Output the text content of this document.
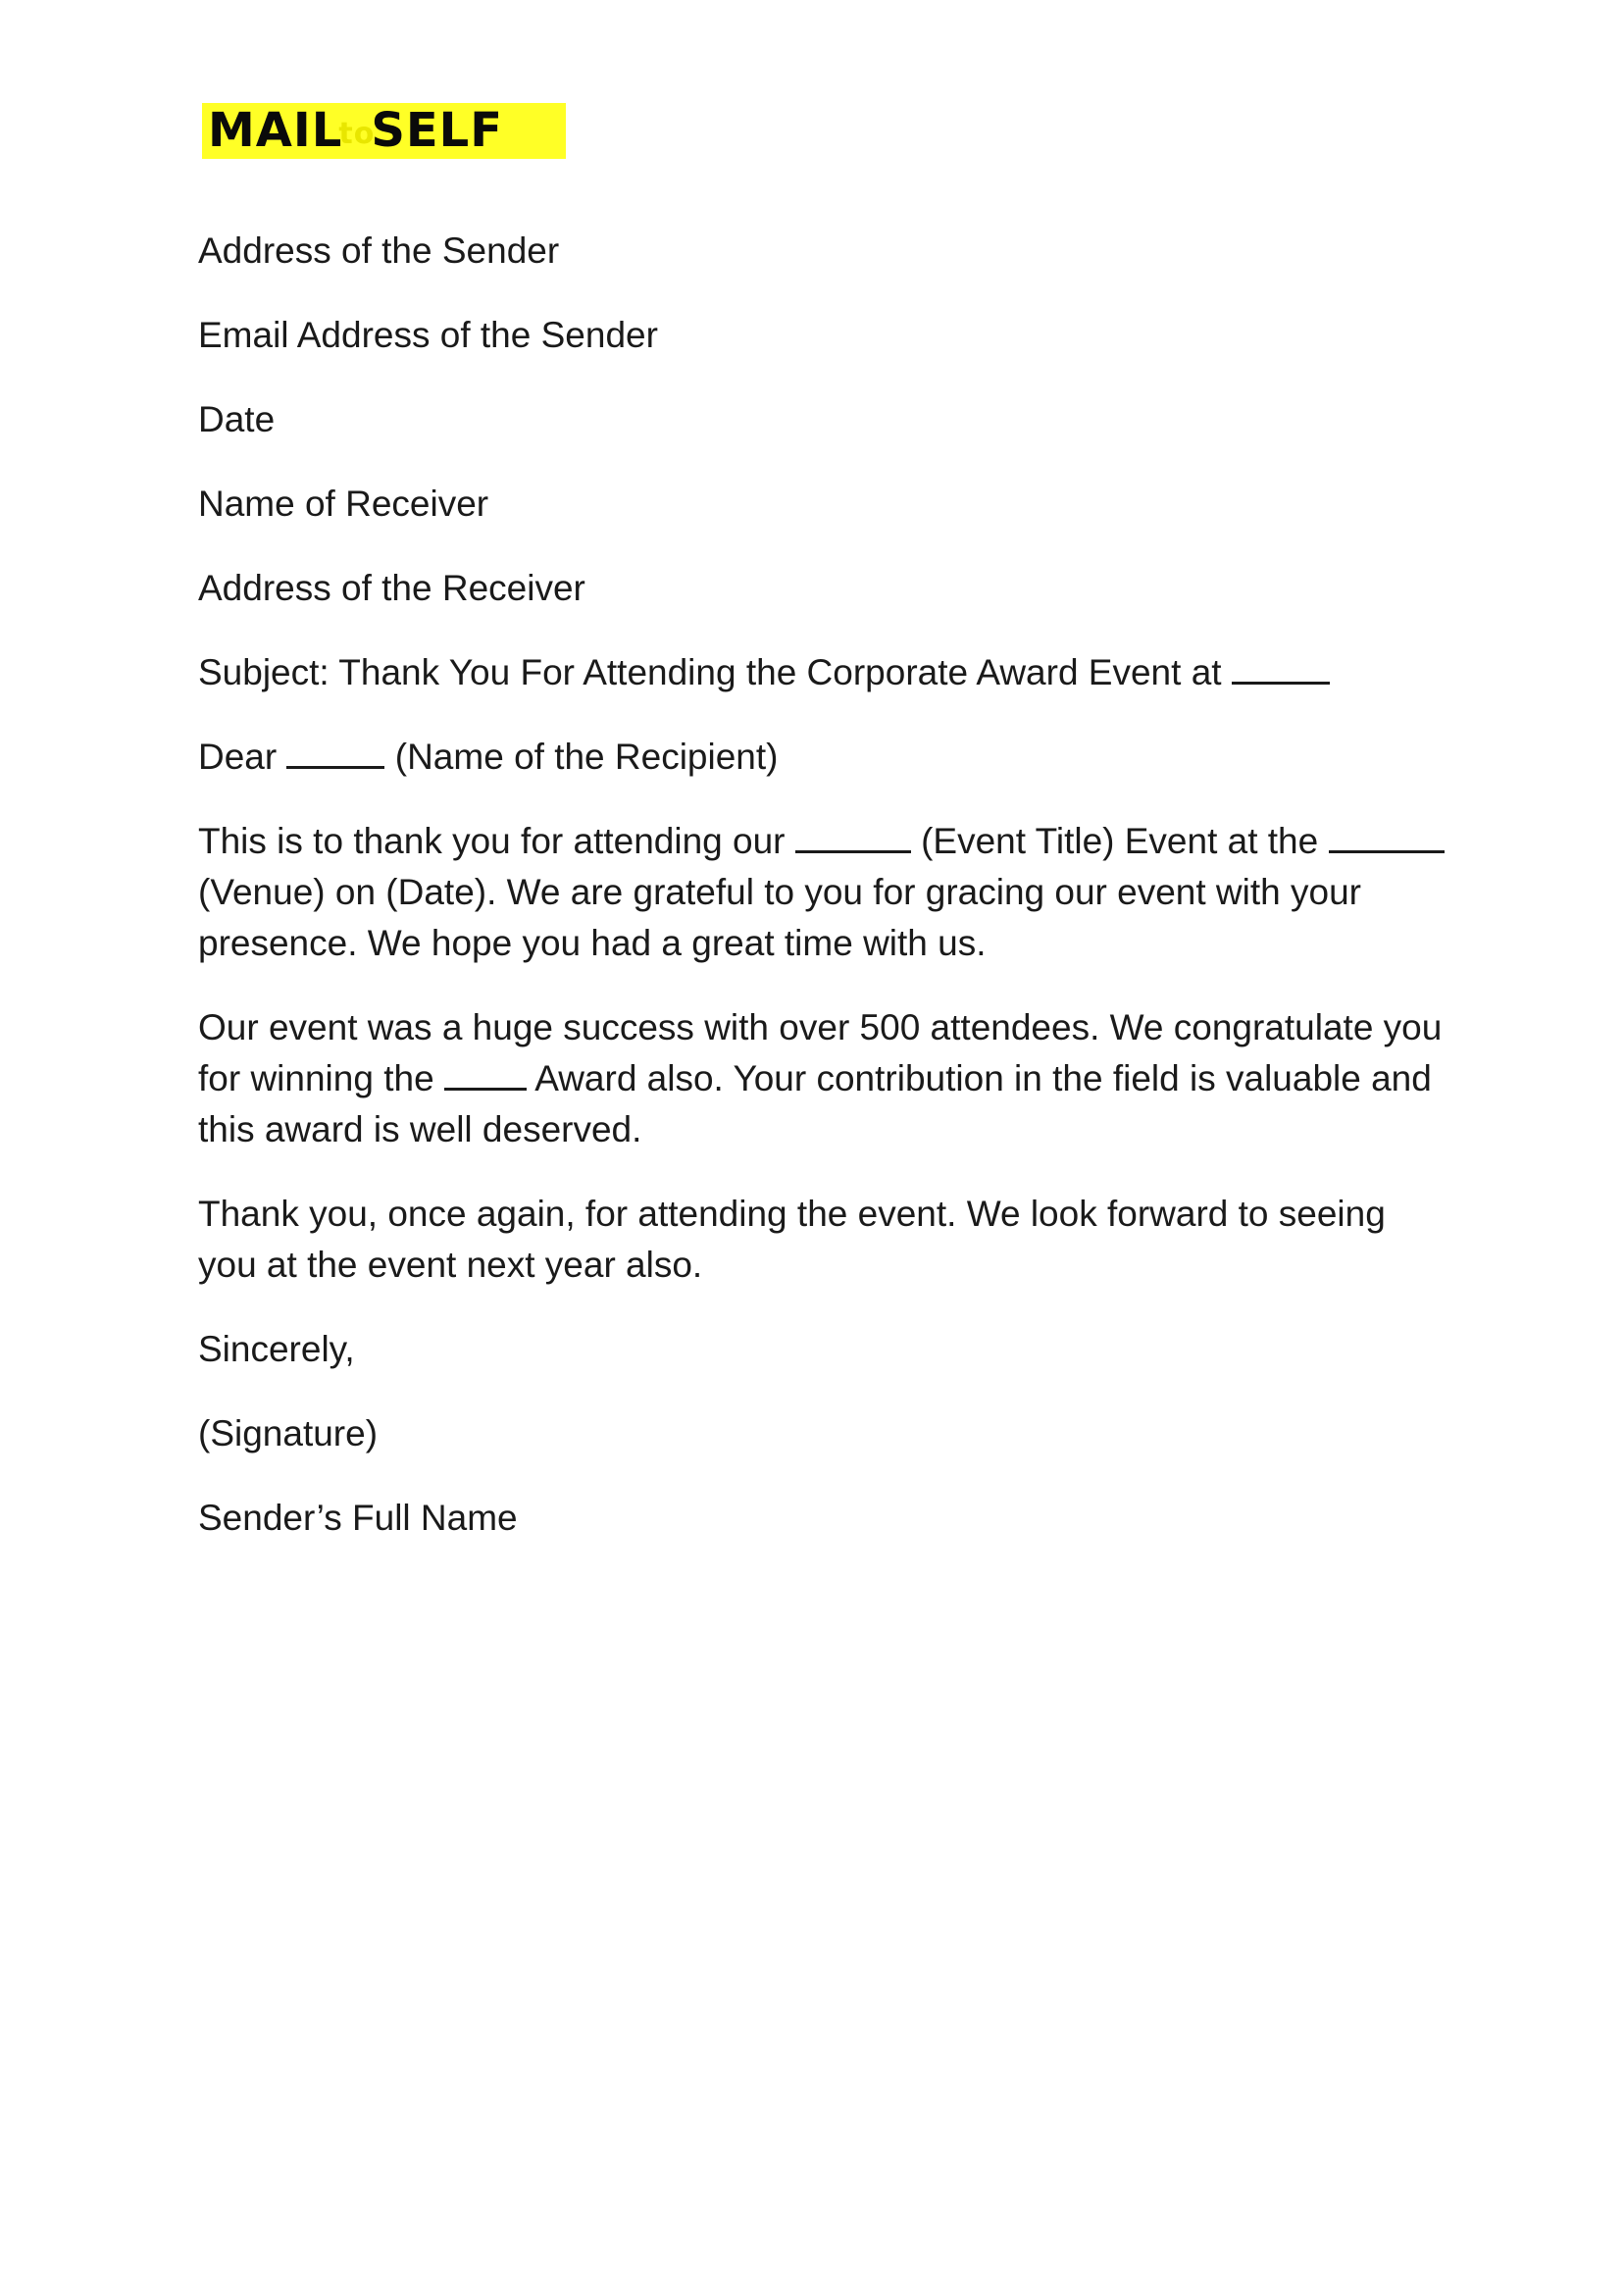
MAILtoSELF

Address of the Sender

Email Address of the Sender

Date

Name of Receiver

Address of the Receiver

Subject: Thank You For Attending the Corporate Award Event at

Dear	(Name of the Recipient)

This is to thank you for attending our	(Event Title) Event at the  (Venue) on (Date). We are grateful to you for gracing our event with your presence. We hope you had a great time with us.

Our event was a huge success with over 500 attendees. We congratulate you for winning the	Award also. Your contribution in the field is valuable and this award is well deserved.

Thank you, once again, for attending the event. We look forward to seeing you at the event next year also.

Sincerely,

(Signature)

Sender’s Full Name
